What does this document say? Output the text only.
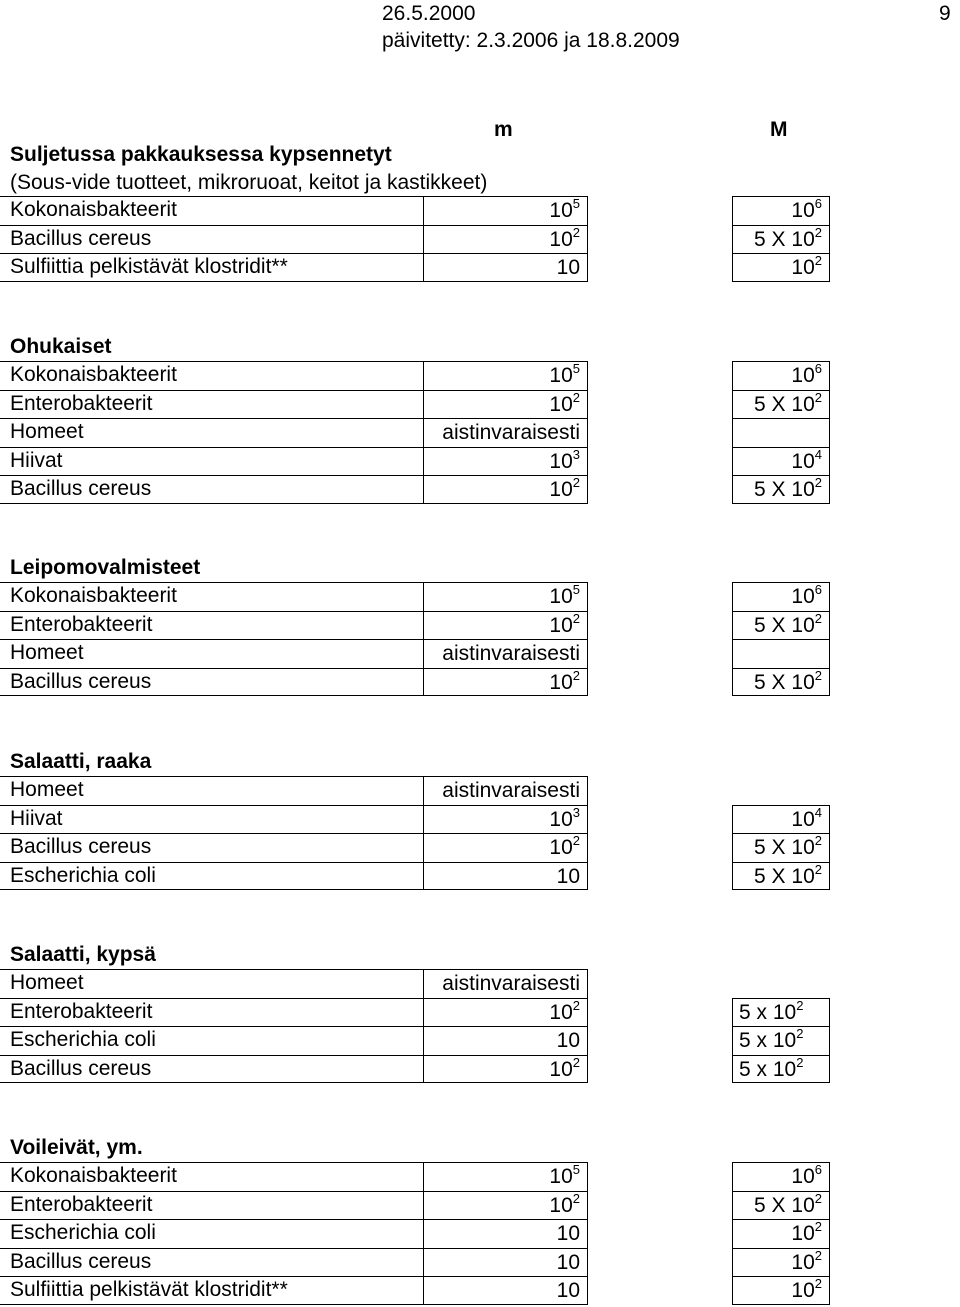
26.5.2000
päivitetty: 2.3.2006 ja 18.8.2009
9
m	M
Suljetussa pakkauksessa kypsennetyt
(Sous-vide tuotteet, mikroruoat, keitot ja kastikkeet)
Kokonaisbakteerit	$10^5$	$10^6$
Bacillus cereus	$10^2$	5 X $10^2$
Sulfiittia pelkistävät klostridit**	10	$10^2$
Ohukaiset
Kokonaisbakteerit	$10^5$	$10^6$
Enterobakteerit	$10^2$	5 X $10^2$
Homeet	aistinvaraisesti
Hiivat	$10^3$	$10^4$
Bacillus cereus	$10^2$	5 X $10^2$
Leipomovalmisteet
Kokonaisbakteerit	$10^5$	$10^6$
Enterobakteerit	$10^2$	5 X $10^2$
Homeet	aistinvaraisesti
Bacillus cereus	$10^2$	5 X $10^2$
Salaatti, raaka
Homeet	aistinvaraisesti
Hiivat	$10^3$	$10^4$
Bacillus cereus	$10^2$	5 X $10^2$
Escherichia coli	10	5 X $10^2$
Salaatti, kypsä
Homeet	aistinvaraisesti
Enterobakteerit	$10^2$	5 x $10^2$
Escherichia coli	10	5 x $10^2$
Bacillus cereus	$10^2$	5 x $10^2$
Voileivät, ym.
Kokonaisbakteerit	$10^5$	$10^6$
Enterobakteerit	$10^2$	5 X $10^2$
Escherichia coli	10	$10^2$
Bacillus cereus	10	$10^2$
Sulfiittia pelkistävät klostridit**	10	$10^2$
